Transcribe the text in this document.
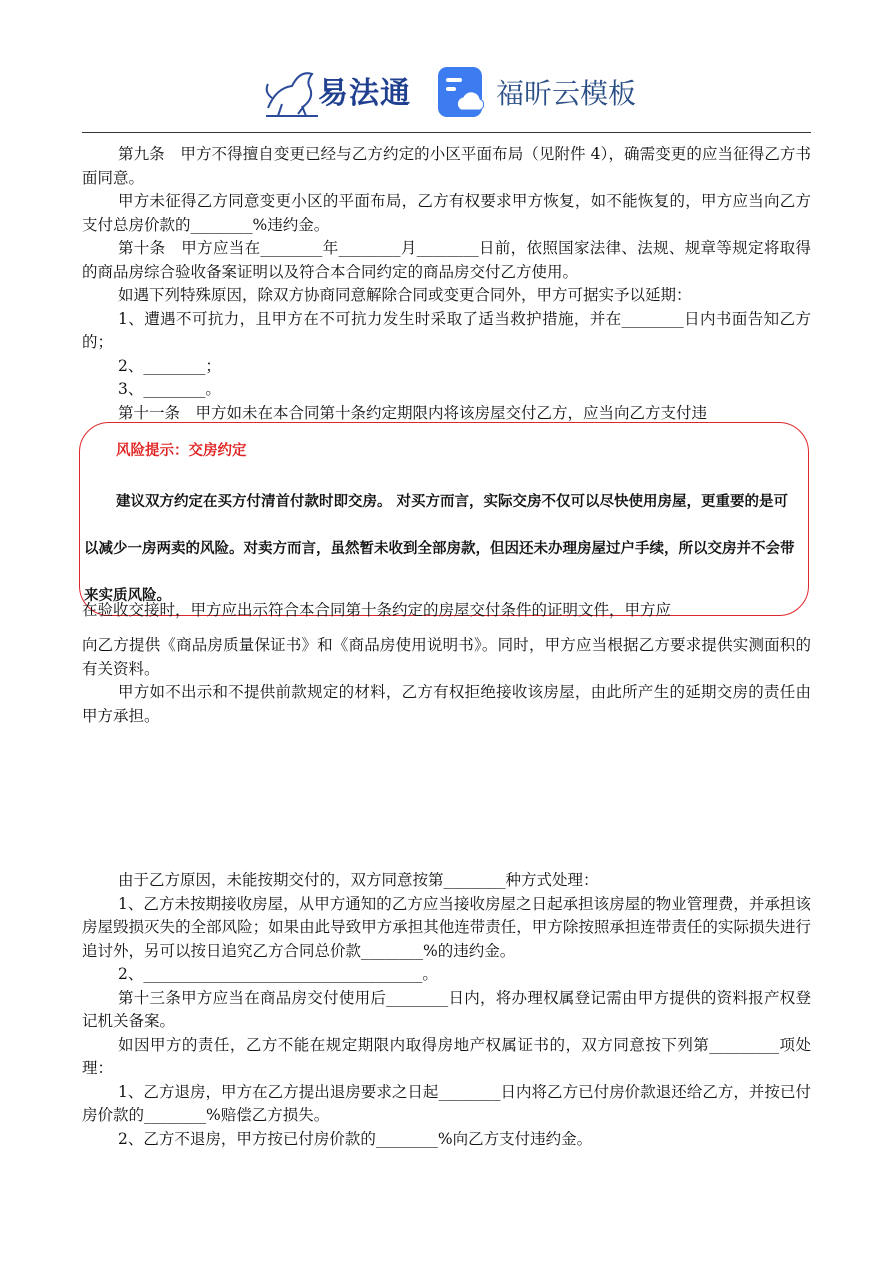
易法通	福昕云模板

第九条　甲方不得擅自变更已经与乙方约定的小区平面布局（见附件 4），确需变更的应当征得乙方书面同意。

甲方未征得乙方同意变更小区的平面布局，乙方有权要求甲方恢复，如不能恢复的，甲方应当向乙方支付总房价款的________%违约金。

第十条　甲方应当在________年________月________日前，依照国家法律、法规、规章等规定将取得的商品房综合验收备案证明以及符合本合同约定的商品房交付乙方使用。

如遇下列特殊原因，除双方协商同意解除合同或变更合同外，甲方可据实予以延期：

1、遭遇不可抗力，且甲方在不可抗力发生时采取了适当救护措施，并在________日内书面告知乙方的；

2、________；

3、________。

第十一条　甲方如未在本合同第十条约定期限内将该房屋交付乙方，应当向乙方支付违

风险提示：交房约定
建议双方约定在买方付清首付款时即交房。 对买方而言，实际交房不仅可以尽快使用房屋，更重要的是可以减少一房两卖的风险。对卖方而言，虽然暂未收到全部房款，但因还未办理房屋过户手续，所以交房并不会带来实质风险。

在验收交接时，甲方应出示符合本合同第十条约定的房屋交付条件的证明文件，甲方应

向乙方提供《商品房质量保证书》和《商品房使用说明书》。同时，甲方应当根据乙方要求提供实测面积的有关资料。

甲方如不出示和不提供前款规定的材料，乙方有权拒绝接收该房屋，由此所产生的延期交房的责任由甲方承担。

由于乙方原因，未能按期交付的，双方同意按第________种方式处理：

1、乙方未按期接收房屋，从甲方通知的乙方应当接收房屋之日起承担该房屋的物业管理费，并承担该房屋毁损灭失的全部风险；如果由此导致甲方承担其他连带责任，甲方除按照承担连带责任的实际损失进行追讨外，另可以按日追究乙方合同总价款________%的违约金。

2、____________________________________。

第十三条甲方应当在商品房交付使用后________日内，将办理权属登记需由甲方提供的资料报产权登记机关备案。

如因甲方的责任，乙方不能在规定期限内取得房地产权属证书的，双方同意按下列第_________项处理：

1、乙方退房，甲方在乙方提出退房要求之日起________日内将乙方已付房价款退还给乙方，并按已付房价款的________%赔偿乙方损失。

2、乙方不退房，甲方按已付房价款的________%向乙方支付违约金。
